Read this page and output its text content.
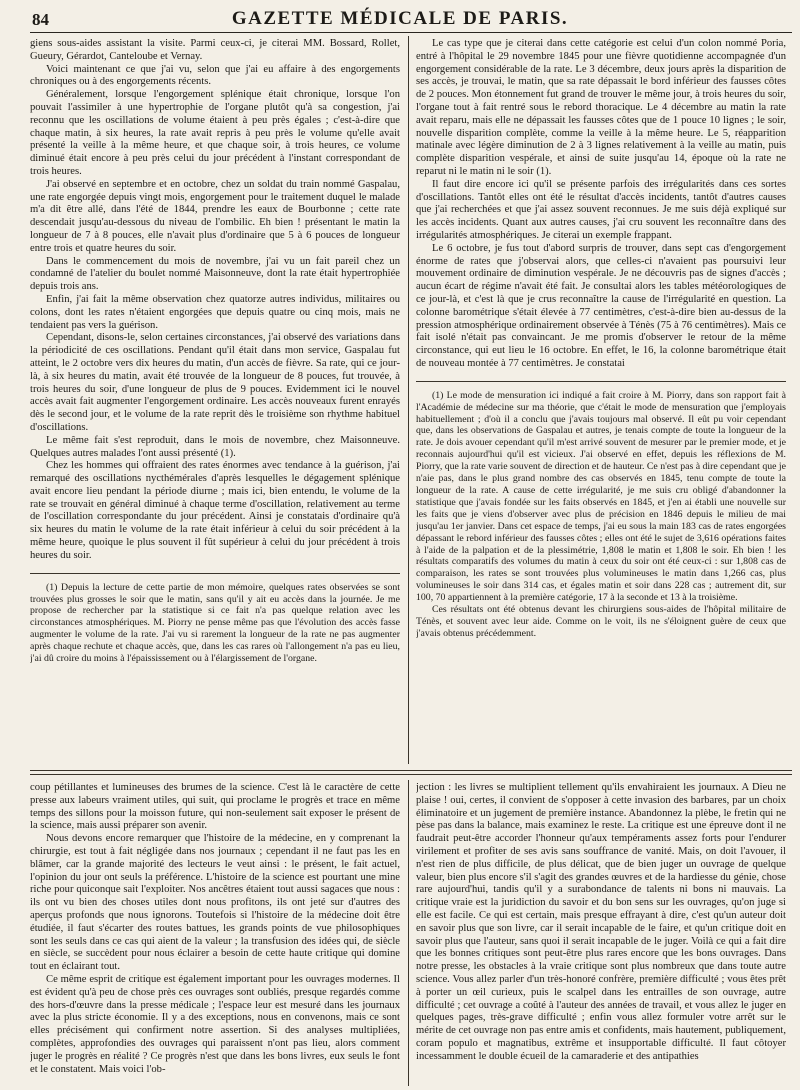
84	GAZETTE MÉDICALE DE PARIS.

giens sous-aides assistant la visite. Parmi ceux-ci, je citerai MM. Bossard, Rollet, Gueury, Gérardot, Canteloube et Vernay.

Voici maintenant ce que j'ai vu, selon que j'ai eu affaire à des engorgements chroniques ou à des engorgements récents.

Généralement, lorsque l'engorgement splénique était chronique, lorsque l'on pouvait l'assimiler à une hypertrophie de l'organe plutôt qu'à sa congestion, j'ai reconnu que les oscillations de volume étaient à peu près égales ; c'est-à-dire que chaque matin, à six heures, la rate avait repris à peu près le volume qu'elle avait présenté la veille à la même heure, et que chaque soir, à trois heures, ce volume diminué était encore à peu près celui du jour précédent à l'instant correspondant de trois heures.

J'ai observé en septembre et en octobre, chez un soldat du train nommé Gaspalau, une rate engorgée depuis vingt mois, engorgement pour le traitement duquel le malade m'a dit être allé, dans l'été de 1844, prendre les eaux de Bourbonne ; cette rate descendait jusqu'au-dessous du niveau de l'ombilic. Eh bien ! présentant le matin la longueur de 7 à 8 pouces, elle n'avait plus d'ordinaire que 5 à 6 pouces de longueur entre trois et quatre heures du soir.

Dans le commencement du mois de novembre, j'ai vu un fait pareil chez un condamné de l'atelier du boulet nommé Maisonneuve, dont la rate était hypertrophiée depuis trois ans.

Enfin, j'ai fait la même observation chez quatorze autres individus, militaires ou colons, dont les rates n'étaient engorgées que depuis quatre ou cinq mois, mais ne tendaient pas vers la guérison.

Cependant, disons-le, selon certaines circonstances, j'ai observé des variations dans la périodicité de ces oscillations. Pendant qu'il était dans mon service, Gaspalau fut atteint, le 2 octobre vers dix heures du matin, d'un accès de fièvre. Sa rate, qui ce jour-là, à six heures du matin, avait été trouvée de la longueur de 8 pouces, fut trouvée, à trois heures du soir, d'une longueur de plus de 9 pouces. Evidemment ici le nouvel accès avait fait augmenter l'engorgement ordinaire. Les accès nouveaux furent enrayés dès le second jour, et le volume de la rate reprit dès le troisième son rhythme habituel d'oscillations.

Le même fait s'est reproduit, dans le mois de novembre, chez Maisonneuve. Quelques autres malades l'ont aussi présenté (1).

Chez les hommes qui offraient des rates énormes avec tendance à la guérison, j'ai remarqué des oscillations nycthémérales d'après lesquelles le dégagement splénique avait encore lieu pendant la période diurne ; mais ici, bien entendu, le volume de la rate se trouvait en général diminué à chaque terme d'oscillation, relativement au terme de l'oscillation correspondante du jour précédent. Ainsi je constatais d'ordinaire qu'à six heures du matin le volume de la rate était inférieur à celui du soir précédent à la même heure, quoique le plus souvent il fût supérieur à celui du jour précédent à trois heures du soir.

(1) Depuis la lecture de cette partie de mon mémoire, quelques rates observées se sont trouvées plus grosses le soir que le matin, sans qu'il y ait eu accès dans la journée. Je me propose de rechercher par la statistique si ce fait n'a pas quelque relation avec les circonstances atmosphériques. M. Piorry ne pense même pas que l'évolution des accès fasse augmenter le volume de la rate. J'ai vu si rarement la longueur de la rate ne pas augmenter après chaque rechute et chaque accès, que, dans les cas rares où l'allongement n'a pas eu lieu, j'ai dû croire du moins à l'épaississement ou à l'élargissement de l'organe.

Le cas type que je citerai dans cette catégorie est celui d'un colon nommé Poria, entré à l'hôpital le 29 novembre 1845 pour une fièvre quotidienne accompagnée d'un engorgement considérable de la rate. Le 3 décembre, deux jours après la disparition de ses accès, je trouvai, le matin, que sa rate dépassait le bord inférieur des fausses côtes de 2 pouces. Mon étonnement fut grand de trouver le même jour, à trois heures du soir, l'organe tout à fait rentré sous le rebord thoracique. Le 4 décembre au matin la rate avait reparu, mais elle ne dépassait les fausses côtes que de 1 pouce 10 lignes ; le soir, nouvelle disparition complète, comme la veille à la même heure. Le 5, réapparition matinale avec légère diminution de 2 à 3 lignes relativement à la veille au matin, puis complète disparition vespérale, et ainsi de suite jusqu'au 14, époque où la rate ne reparut ni le matin ni le soir (1).

Il faut dire encore ici qu'il se présente parfois des irrégularités dans ces sortes d'oscillations. Tantôt elles ont été le résultat d'accès incidents, tantôt d'autres causes que j'ai recherchées et que j'ai assez souvent reconnues. Je me suis déjà expliqué sur les accès incidents. Quant aux autres causes, j'ai cru souvent les reconnaître dans des irrégularités atmosphériques. Je citerai un exemple frappant.

Le 6 octobre, je fus tout d'abord surpris de trouver, dans sept cas d'engorgement énorme de rates que j'observai alors, que celles-ci n'avaient pas poursuivi leur mouvement ordinaire de diminution vespérale. Je ne découvris pas de signes d'accès ; aucun écart de régime n'avait été fait. Je consultai alors les tables météorologiques de ce jour-là, et c'est là que je crus reconnaître la cause de l'irrégularité en question. La colonne barométrique s'était élevée à 77 centimètres, c'est-à-dire bien au-dessus de la pression atmosphérique ordinairement observée à Ténès (75 à 76 centimètres). Mais ce fait isolé n'était pas convaincant. Je me promis d'observer le retour de la même circonstance, qui eut lieu le 16 octobre. En effet, le 16, la colonne barométrique était de nouveau montée à 77 centimètres. Je constatai

(1) Le mode de mensuration ici indiqué a fait croire à M. Piorry, dans son rapport fait à l'Académie de médecine sur ma théorie, que c'était le mode de mensuration que j'employais habituellement ; d'où il a conclu que j'avais toujours mal observé. Il eût pu voir cependant que, dans les observations de Gaspalau et autres, je tenais compte de toute la longueur de la rate. Je dois avouer cependant qu'il m'est arrivé souvent de mesurer par le premier mode, et je reconnais aujourd'hui qu'il est vicieux. J'ai observé en effet, depuis les réflexions de M. Piorry, que la rate varie souvent de direction et de hauteur. Ce n'est pas à dire cependant que je n'aie pas, dans le plus grand nombre des cas observés en 1845, tenu compte de toute la longueur de la rate. A cause de cette irrégularité, je me suis cru obligé d'abandonner la statistique que j'avais fondée sur les faits observés en 1845, et j'en ai établi une nouvelle sur les faits que je viens d'observer avec plus de précision en 1846 depuis le milieu de mai jusqu'au 1er janvier. Dans cet espace de temps, j'ai eu sous la main 183 cas de rates engorgées dépassant le rebord inférieur des fausses côtes ; elles ont été le sujet de 3,616 opérations faites à l'aide de la palpation et de la plessimétrie, 1,808 le matin et 1,808 le soir. Eh bien ! les résultats comparatifs des volumes du matin à ceux du soir ont été ceux-ci : sur 1,808 cas de comparaison, les rates se sont trouvées plus volumineuses le matin dans 1,266 cas, plus volumineuses le soir dans 314 cas, et égales matin et soir dans 228 cas ; autrement dit, sur 100, 70 appartiennent à la première catégorie, 17 à la seconde et 13 à la troisième.

Ces résultats ont été obtenus devant les chirurgiens sous-aides de l'hôpital militaire de Ténès, et souvent avec leur aide. Comme on le voit, ils ne s'éloignent guère de ceux que j'avais obtenus précédemment.

coup pétillantes et lumineuses des brumes de la science. C'est là le caractère de cette presse aux labeurs vraiment utiles, qui suit, qui proclame le progrès et trace en même temps des sillons pour la moisson future, qui non-seulement sait exposer le présent de la science, mais aussi préparer son avenir.

Nous devons encore remarquer que l'histoire de la médecine, en y comprenant la chirurgie, est tout à fait négligée dans nos journaux ; cependant il ne faut pas les en blâmer, car la grande majorité des lecteurs le veut ainsi : le présent, le fait actuel, l'opinion du jour ont seuls la préférence. L'histoire de la science est pourtant une mine riche pour quiconque sait l'exploiter. Nos ancêtres étaient tout aussi sagaces que nous : ils ont vu bien des choses utiles dont nous profitons, ils ont jeté sur d'autres des aperçus profonds que nous ignorons. Toutefois si l'histoire de la médecine doit être étudiée, il faut s'écarter des routes battues, les grands points de vue philosophiques sont les seuls dans ce cas qui aient de la valeur ; la transfusion des idées qui, de siècle en siècle, se succèdent pour nous éclairer a besoin de cette haute critique qui domine tout en éclairant tout.

Ce même esprit de critique est également important pour les ouvrages modernes. Il est évident qu'à peu de chose près ces ouvrages sont oubliés, presque regardés comme des hors-d'œuvre dans la presse médicale ; l'espace leur est mesuré dans les journaux avec la plus stricte économie. Il y a des exceptions, nous en convenons, mais ce sont elles précisément qui confirment notre assertion. Si des analyses multipliées, complètes, approfondies des ouvrages qui paraissent n'ont pas lieu, alors comment juger le progrès en réalité ? Ce progrès n'est que dans les bons livres, eux seuls le font et le constatent. Mais voici l'ob-

jection : les livres se multiplient tellement qu'ils envahiraient les journaux. A Dieu ne plaise ! oui, certes, il convient de s'opposer à cette invasion des barbares, par un choix éliminatoire et un jugement de première instance. Abandonnez la plèbe, le fretin qui ne pèse pas dans la balance, mais examinez le reste. La critique est une épreuve dont il ne faudrait peut-être accorder l'honneur qu'aux tempéraments assez forts pour l'endurer virilement et profiter de ses avis sans souffrance de vanité. Mais, on doit l'avouer, il n'est rien de plus difficile, de plus délicat, que de bien juger un ouvrage de quelque valeur, bien plus encore s'il s'agit des grandes œuvres et de la hardiesse du génie, chose rare aujourd'hui, tandis qu'il y a surabondance de talents ni bons ni mauvais. La critique vraie est la juridiction du savoir et du bon sens sur les ouvrages, qu'on juge si elle est facile. Ce qui est certain, mais presque effrayant à dire, c'est qu'un auteur doit en savoir plus que son livre, car il serait incapable de le faire, et qu'un critique doit en savoir plus que l'auteur, sans quoi il serait incapable de le juger. Voilà ce qui a fait dire que les bonnes critiques sont peut-être plus rares encore que les bons ouvrages. Dans notre presse, les obstacles à la vraie critique sont plus nombreux que dans toute autre science. Vous allez parler d'un très-honoré confrère, première difficulté ; vous êtes prêt à porter un œil curieux, puis le scalpel dans les entrailles de son ouvrage, autre difficulté ; cet ouvrage a coûté à l'auteur des années de travail, et vous allez le juger en quelques pages, très-grave difficulté ; enfin vous allez formuler votre arrêt sur le mérite de cet ouvrage non pas entre amis et confidents, mais hautement, publiquement, coram populo et magnatibus, extrême et insupportable difficulté. Il faut côtoyer incessamment le double écueil de la camaraderie et des antipathies
